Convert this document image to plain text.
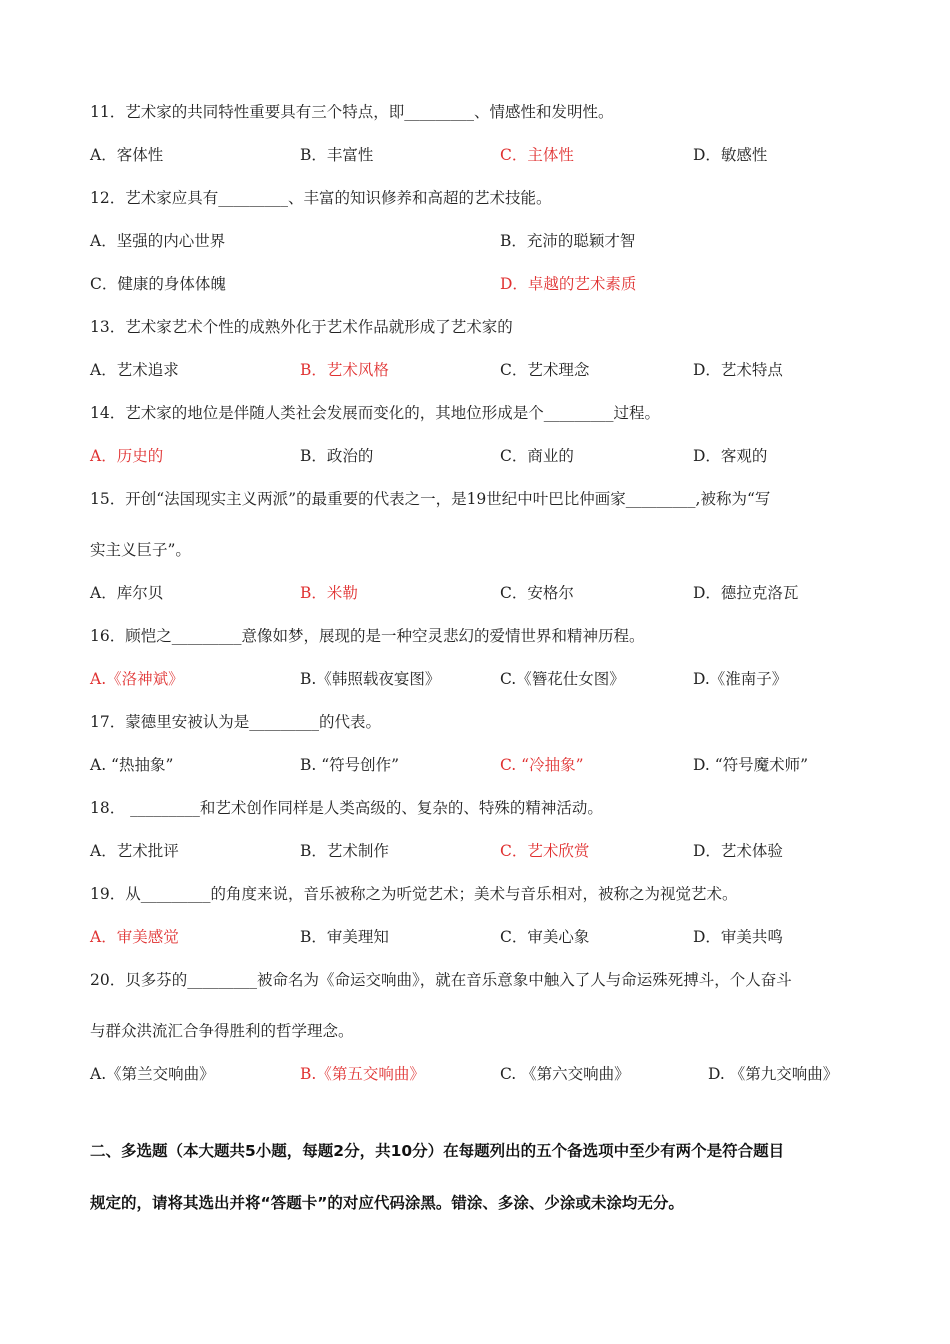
11．艺术家的共同特性重要具有三个特点，即_________、情感性和发明性。
A．客体性	B．丰富性	C．主体性	D．敏感性
12．艺术家应具有_________、丰富的知识修养和高超的艺术技能。
A．坚强的内心世界	B．充沛的聪颖才智
C．健康的身体体魄	D．卓越的艺术素质
13．艺术家艺术个性的成熟外化于艺术作品就形成了艺术家的
A．艺术追求	B．艺术风格	C．艺术理念	D．艺术特点
14．艺术家的地位是伴随人类社会发展而变化的，其地位形成是个_________过程。
A．历史的	B．政治的	C．商业的	D．客观的
15．开创“法国现实主义两派”的最重要的代表之一，是19世纪中叶巴比仲画家_________,被称为“写
实主义巨子”。
A．库尔贝	B．米勒	C．安格尔	D．德拉克洛瓦
16．顾恺之_________意像如梦，展现的是一种空灵悲幻的爱情世界和精神历程。
A.《洛神斌》	B.《韩照载夜宴图》	C.《簪花仕女图》	D.《淮南子》
17．蒙德里安被认为是_________的代表。
A. “热抽象”	B. “符号创作”	C. “冷抽象”	D. “符号魔术师”
18． _________和艺术创作同样是人类高级的、复杂的、特殊的精神活动。
A．艺术批评	B．艺术制作	C．艺术欣赏	D．艺术体验
19．从_________的角度来说，音乐被称之为听觉艺术；美术与音乐相对，被称之为视觉艺术。
A．审美感觉	B．审美理知	C．审美心象	D．审美共鸣
20．贝多芬的_________被命名为《命运交响曲》，就在音乐意象中触入了人与命运殊死搏斗，个人奋斗
与群众洪流汇合争得胜利的哲学理念。
A.《第兰交响曲》	B.《第五交响曲》	C. 《第六交响曲》	D. 《第九交响曲》
二、多选题（本大题共5小题，每题2分，共10分）在每题列出的五个备选项中至少有两个是符合题目
规定的，请将其选出并将“答题卡”的对应代码涂黑。错涂、多涂、少涂或未涂均无分。
